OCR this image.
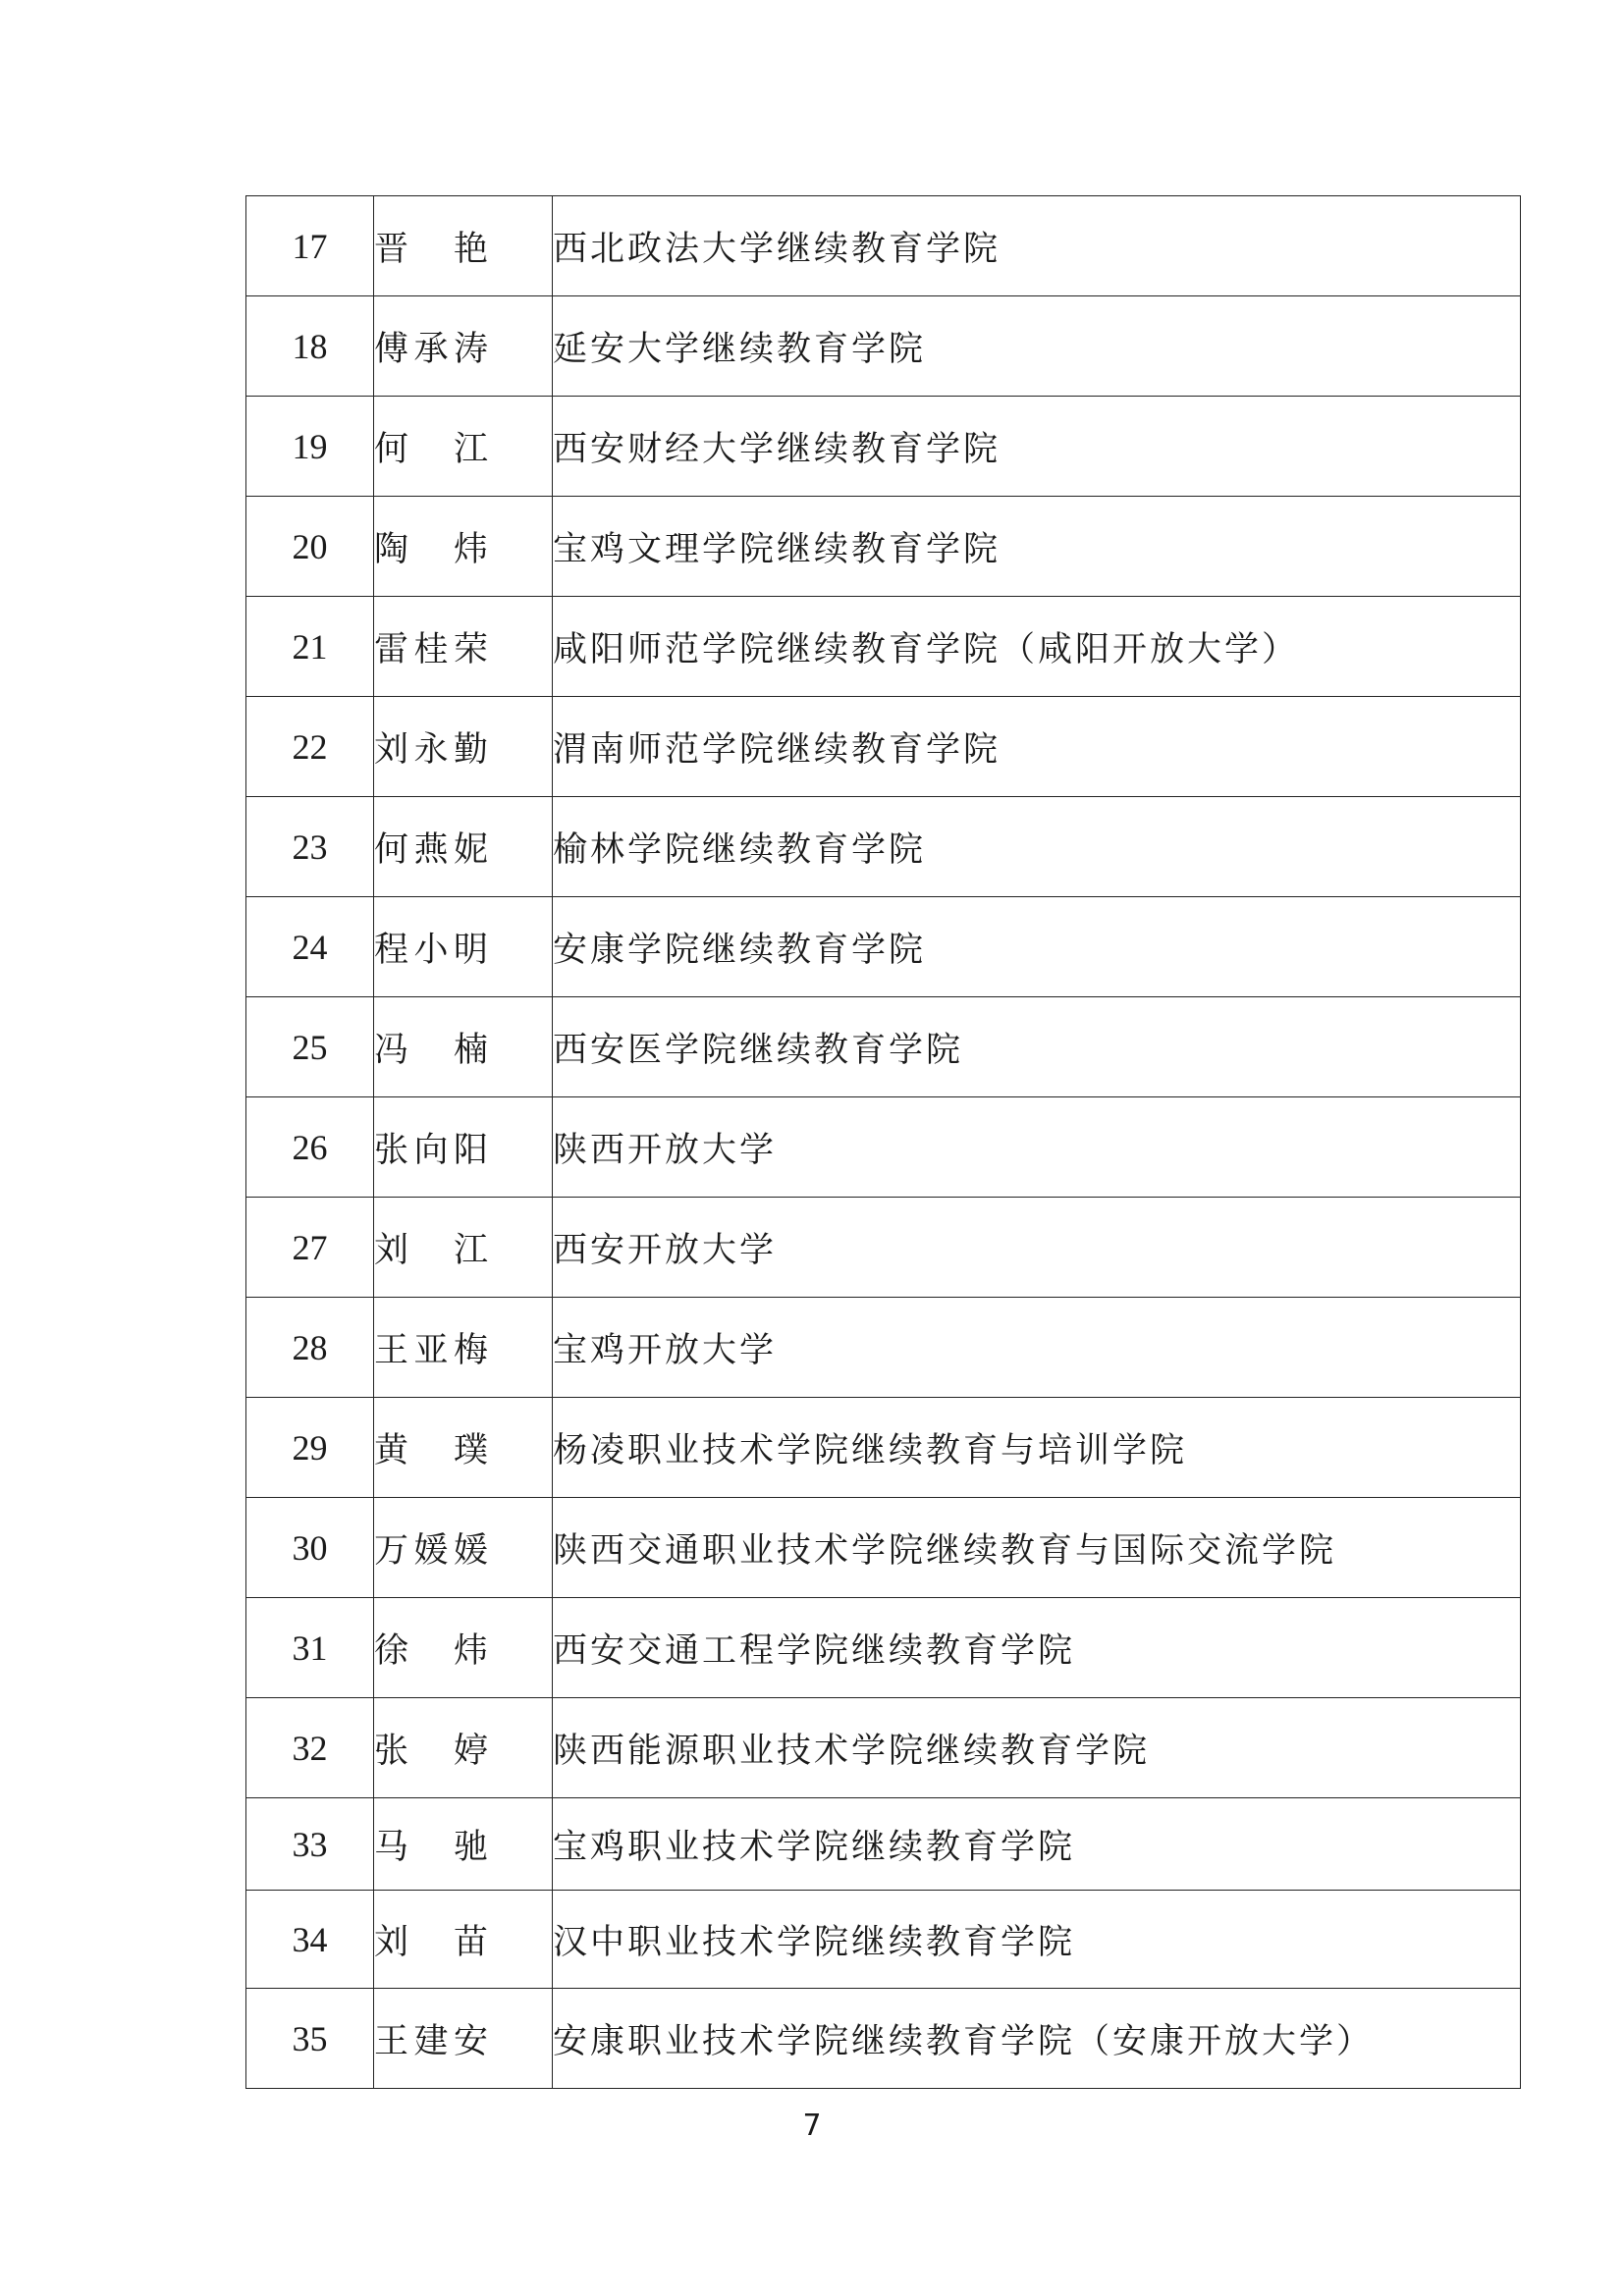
17	晋　艳	西北政法大学继续教育学院
18	傅承涛	延安大学继续教育学院
19	何　江	西安财经大学继续教育学院
20	陶　炜	宝鸡文理学院继续教育学院
21	雷桂荣	咸阳师范学院继续教育学院（咸阳开放大学）
22	刘永勤	渭南师范学院继续教育学院
23	何燕妮	榆林学院继续教育学院
24	程小明	安康学院继续教育学院
25	冯　楠	西安医学院继续教育学院
26	张向阳	陕西开放大学
27	刘　江	西安开放大学
28	王亚梅	宝鸡开放大学
29	黄　璞	杨凌职业技术学院继续教育与培训学院
30	万媛媛	陕西交通职业技术学院继续教育与国际交流学院
31	徐　炜	西安交通工程学院继续教育学院
32	张　婷	陕西能源职业技术学院继续教育学院
33	马　驰	宝鸡职业技术学院继续教育学院
34	刘　苗	汉中职业技术学院继续教育学院
35	王建安	安康职业技术学院继续教育学院（安康开放大学）
7
